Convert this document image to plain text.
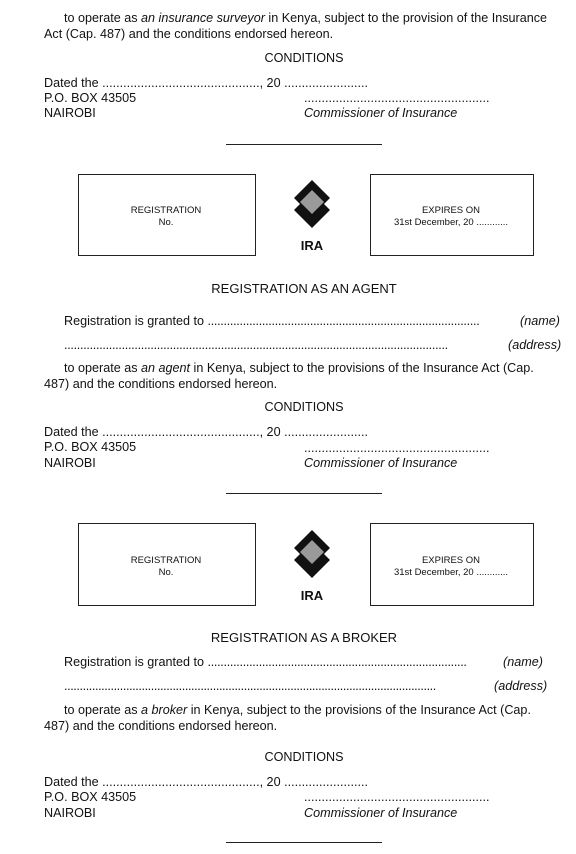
to operate as an insurance surveyor in Kenya, subject to the provision of the Insurance
Act (Cap. 487) and the conditions endorsed hereon.
CONDITIONS
Dated the ............................................., 20 ........................
P.O. BOX 43505	.....................................................
NAIROBI	Commissioner of Insurance
REGISTRATION
No.
IRA
EXPIRES ON
31st December, 20 ............
REGISTRATION AS AN AGENT
Registration is granted to .....................................................................................	(name)
........................................................................................................................	(address)
to operate as an agent in Kenya, subject to the provisions of the Insurance Act (Cap.
487) and the conditions endorsed hereon.
CONDITIONS
Dated the ............................................., 20 ........................
P.O. BOX 43505	.....................................................
NAIROBI	Commissioner of Insurance
REGISTRATION
No.
IRA
EXPIRES ON
31st December, 20 ............
REGISTRATION AS A BROKER
Registration is granted to .................................................................................	(name)
........................................................................................................................	(address)
to operate as a broker in Kenya, subject to the provisions of the Insurance Act (Cap.
487) and the conditions endorsed hereon.
CONDITIONS
Dated the ............................................., 20 ........................
P.O. BOX 43505	.....................................................
NAIROBI	Commissioner of Insurance
